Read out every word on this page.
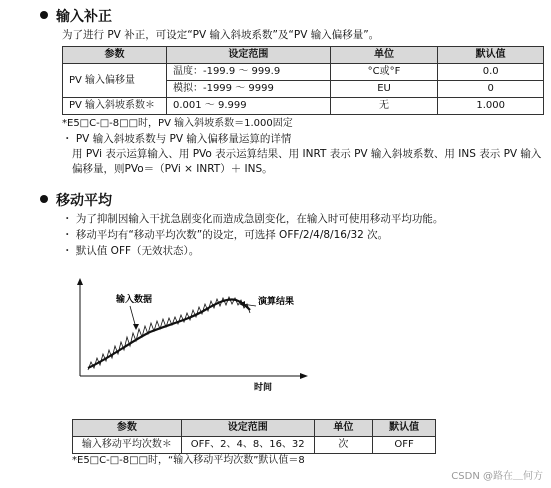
输入补正
为了进行 PV 补正，可设定“PV 输入斜坡系数”及“PV 输入偏移量”。
参数	设定范围	单位	默认值
PV 输入偏移量	温度：-199.9 ～ 999.9	°C或°F	0.0
	模拟：-1999 ～ 9999	EU	0
PV 输入斜坡系数＊	0.001 ～ 9.999	无	1.000
*E5□C-□-8□□时，PV 输入斜坡系数＝1.000固定
・ PV 输入斜坡系数与 PV 输入偏移量运算的详情
用 PVi 表示运算输入、用 PVo 表示运算结果、用 INRT 表示 PV 输入斜坡系数、用 INS 表示 PV 输入
偏移量，则PVo＝（PVi × INRT）＋ INS。
移动平均
・ 为了抑制因输入干扰急剧变化而造成急剧变化，在输入时可使用移动平均功能。
・ 移动平均有“移动平均次数”的设定，可选择 OFF/2/4/8/16/32 次。
・ 默认值 OFF（无效状态）。
输入数据	演算结果
时间
参数	设定范围	单位	默认值
输入移动平均次数＊	OFF、2、4、8、16、32	次	OFF
*E5□C-□-8□□时，“输入移动平均次数”默认值＝8
CSDN @路在＿何方
